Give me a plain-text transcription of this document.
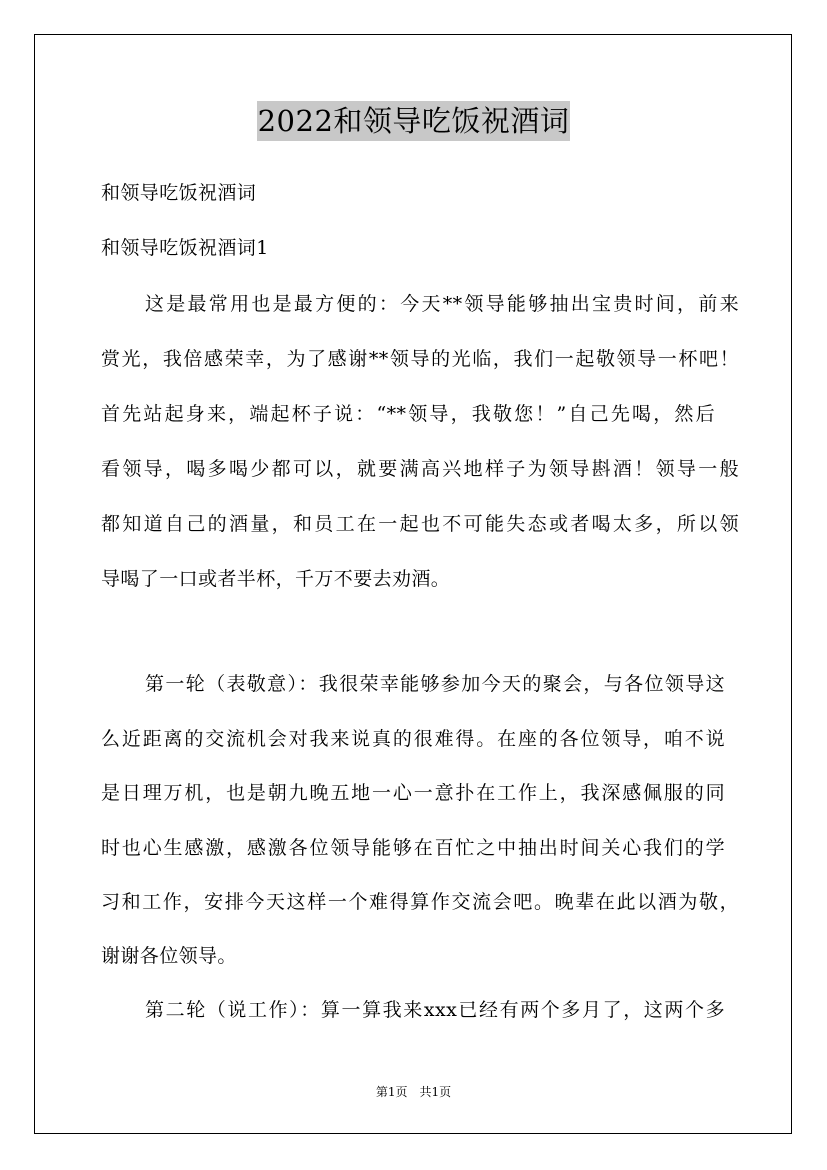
2022和领导吃饭祝酒词
和领导吃饭祝酒词
和领导吃饭祝酒词1
这是最常用也是最方便的：今天**领导能够抽出宝贵时间，前来
赏光，我倍感荣幸，为了感谢**领导的光临，我们一起敬领导一杯吧！
首先站起身来，端起杯子说：“**领导，我敬您！”自己先喝，然后
看领导，喝多喝少都可以，就要满高兴地样子为领导斟酒！领导一般
都知道自己的酒量，和员工在一起也不可能失态或者喝太多，所以领
导喝了一口或者半杯，千万不要去劝酒。
第一轮（表敬意）：我很荣幸能够参加今天的聚会，与各位领导这
么近距离的交流机会对我来说真的很难得。在座的各位领导，咱不说
是日理万机，也是朝九晚五地一心一意扑在工作上，我深感佩服的同
时也心生感激，感激各位领导能够在百忙之中抽出时间关心我们的学
习和工作，安排今天这样一个难得算作交流会吧。晚辈在此以酒为敬，
谢谢各位领导。
第二轮（说工作）：算一算我来xxx已经有两个多月了，这两个多
第1页　共1页
